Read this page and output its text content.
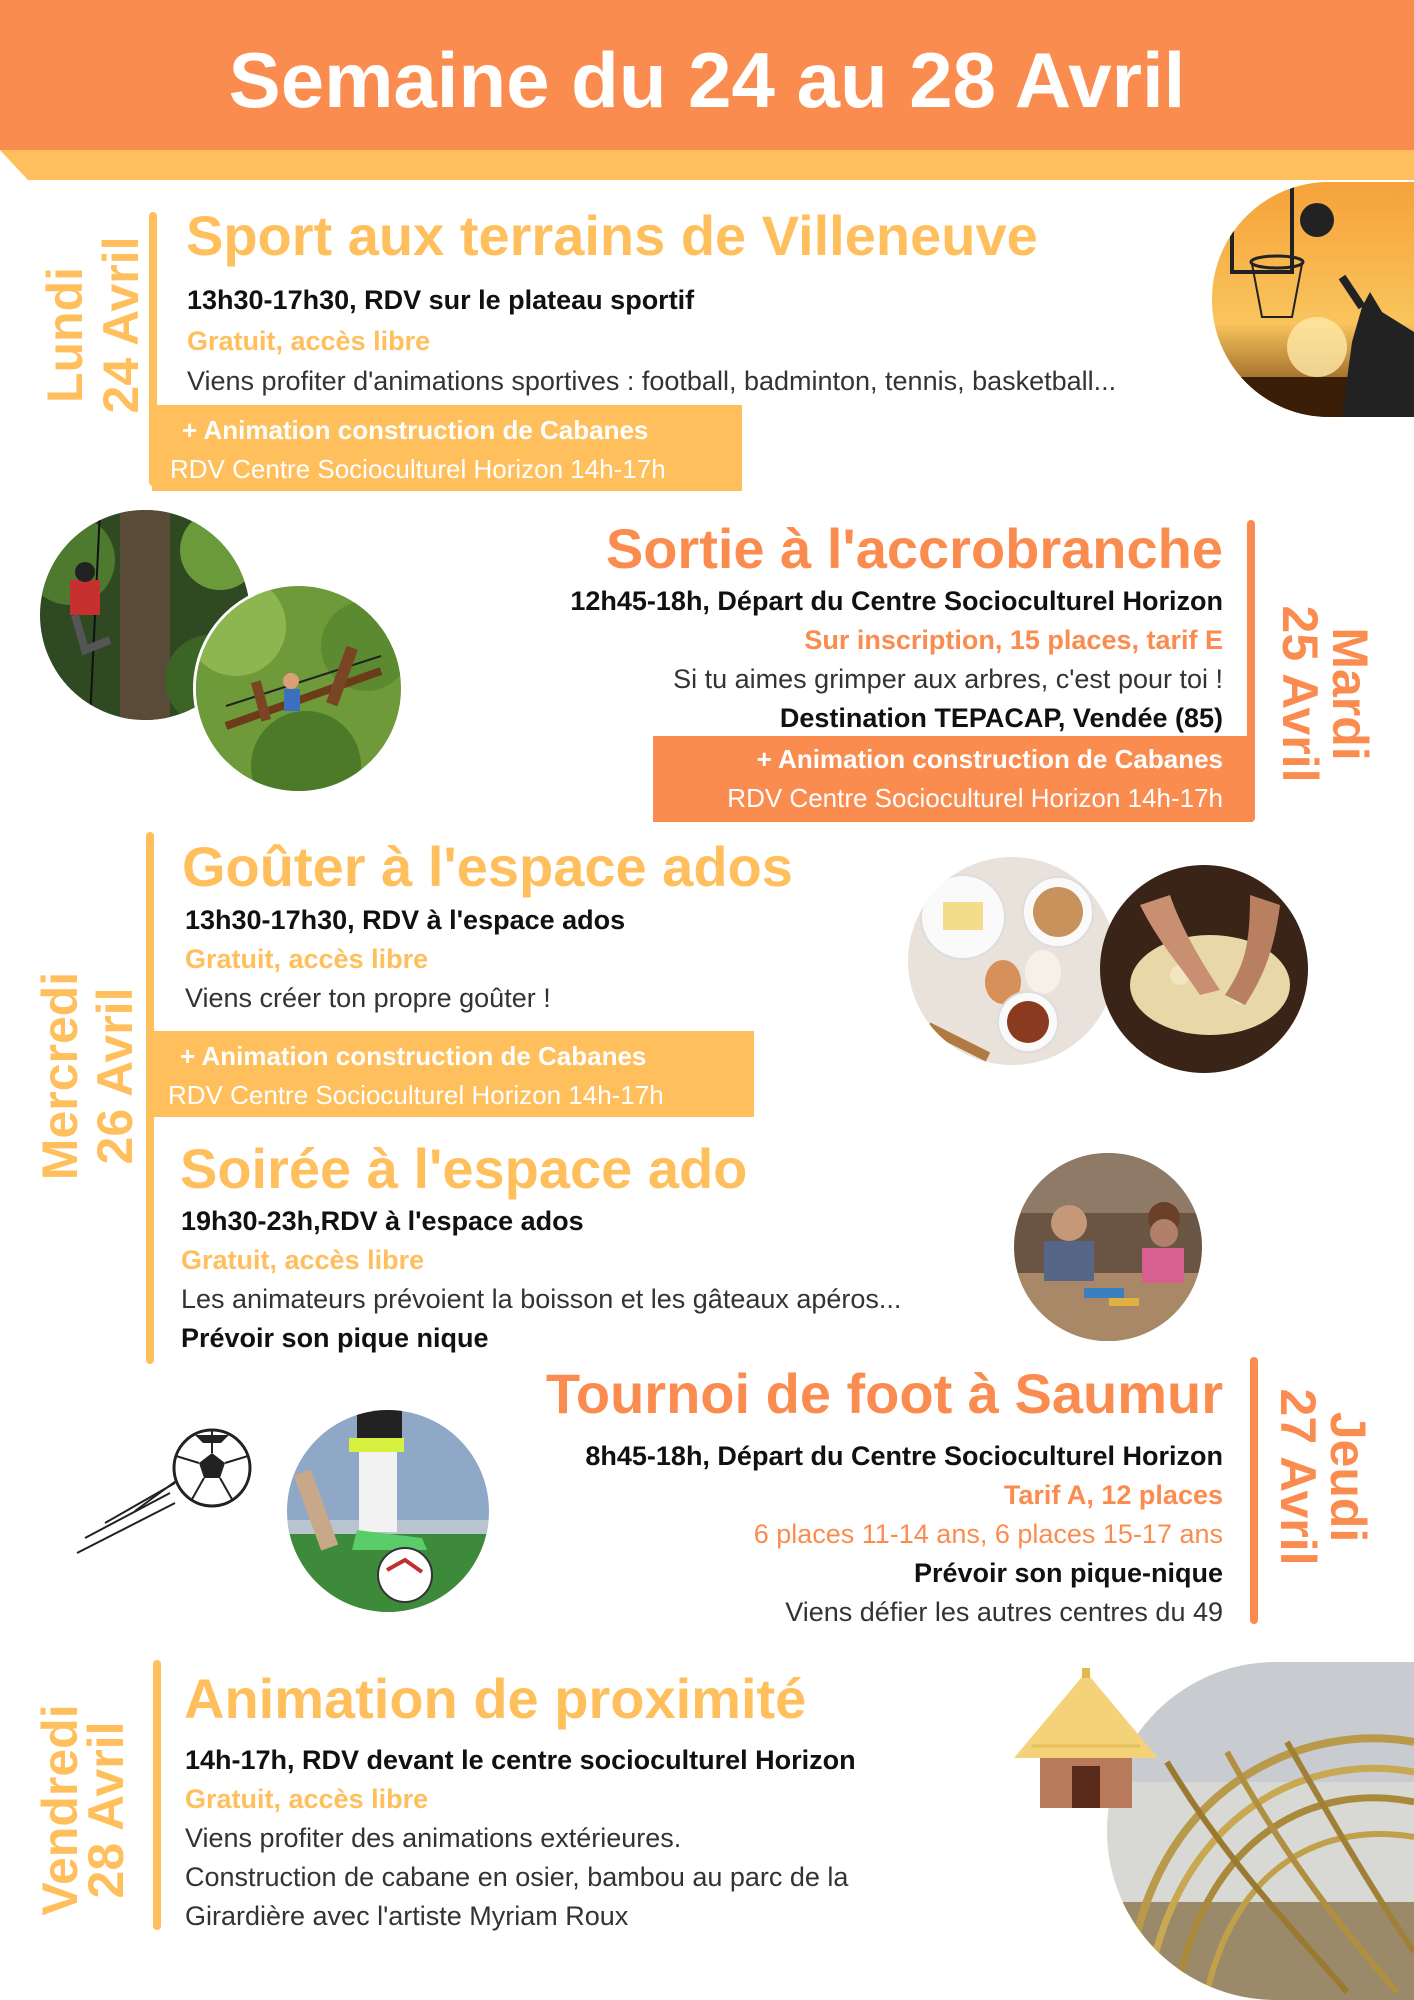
Semaine du 24 au 28 Avril
Lundi 24 Avril
Sport aux terrains de Villeneuve
13h30-17h30, RDV sur le plateau sportif
Gratuit, accès libre
Viens profiter d'animations sportives : football, badminton, tennis, basketball...
+ Animation construction de Cabanes
RDV Centre Socioculturel Horizon 14h-17h
Sortie à l'accrobranche
12h45-18h, Départ du Centre Socioculturel Horizon
Sur inscription, 15 places, tarif E
Si tu aimes grimper aux arbres, c'est pour toi !
Destination TEPACAP, Vendée (85)
+ Animation construction de Cabanes
RDV Centre Socioculturel Horizon 14h-17h
Mardi
25 Avril
Mercredi 26 Avril
Goûter à l'espace ados
13h30-17h30, RDV à l'espace ados
Gratuit, accès libre
Viens créer ton propre goûter !
+ Animation construction de Cabanes
RDV Centre Socioculturel Horizon 14h-17h
Soirée à l'espace ado
19h30-23h,RDV à l'espace ados
Gratuit, accès libre
Les animateurs prévoient la boisson et les gâteaux apéros...
Prévoir son pique nique
Tournoi de foot à Saumur
8h45-18h, Départ du Centre Socioculturel Horizon
Tarif A, 12 places
6 places 11-14 ans, 6 places 15-17 ans
Prévoir son pique-nique
Viens défier les autres centres du 49
Jeudi
27 Avril
Vendredi
28 Avril
Animation de proximité
14h-17h, RDV devant le centre socioculturel Horizon
Gratuit, accès libre
Viens profiter des animations extérieures.
Construction de cabane en osier, bambou au parc de la
Girardière avec l'artiste Myriam Roux
